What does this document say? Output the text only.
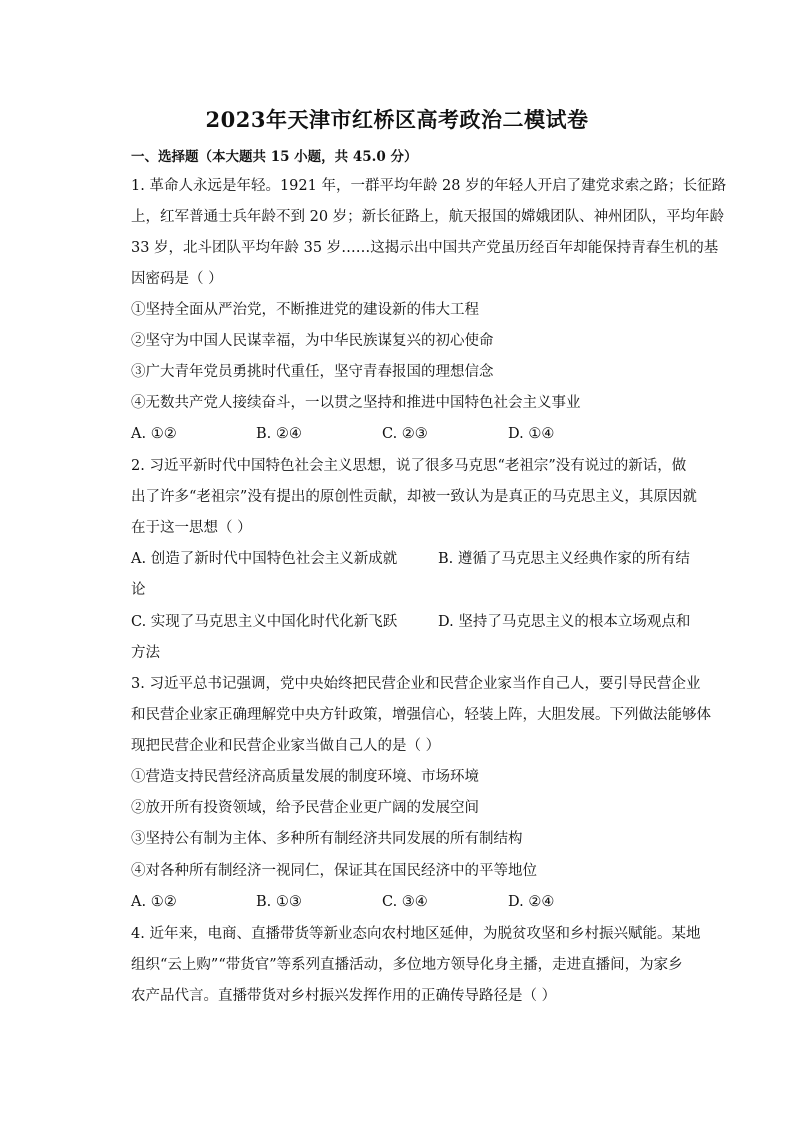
2023年天津市红桥区高考政治二模试卷
一、选择题（本大题共 15 小题，共 45.0 分）
1. 革命人永远是年轻。1921 年，一群平均年龄 28 岁的年轻人开启了建党求索之路；长征路
上，红军普通士兵年龄不到 20 岁；新长征路上，航天报国的嫦娥团队、神州团队，平均年龄
33 岁，北斗团队平均年龄 35 岁……这揭示出中国共产党虽历经百年却能保持青春生机的基
因密码是（ ）
①坚持全面从严治党，不断推进党的建设新的伟大工程
②坚守为中国人民谋幸福，为中华民族谋复兴的初心使命
③广大青年党员勇挑时代重任，坚守青春报国的理想信念
④无数共产党人接续奋斗，一以贯之坚持和推进中国特色社会主义事业
A. ①②	B. ②④	C. ②③	D. ①④
2. 习近平新时代中国特色社会主义思想，说了很多马克思“老祖宗”没有说过的新话，做
出了许多“老祖宗”没有提出的原创性贡献，却被一致认为是真正的马克思主义，其原因就
在于这一思想（ ）
A. 创造了新时代中国特色社会主义新成就	B. 遵循了马克思主义经典作家的所有结
论
C. 实现了马克思主义中国化时代化新飞跃	D. 坚持了马克思主义的根本立场观点和
方法
3. 习近平总书记强调，党中央始终把民营企业和民营企业家当作自己人，要引导民营企业
和民营企业家正确理解党中央方针政策，增强信心，轻装上阵，大胆发展。下列做法能够体
现把民营企业和民营企业家当做自己人的是（ ）
①营造支持民营经济高质量发展的制度环境、市场环境
②放开所有投资领域，给予民营企业更广阔的发展空间
③坚持公有制为主体、多种所有制经济共同发展的所有制结构
④对各种所有制经济一视同仁，保证其在国民经济中的平等地位
A. ①②	B. ①③	C. ③④	D. ②④
4. 近年来，电商、直播带货等新业态向农村地区延伸，为脱贫攻坚和乡村振兴赋能。某地
组织“云上购”“带货官”等系列直播活动，多位地方领导化身主播，走进直播间，为家乡
农产品代言。直播带货对乡村振兴发挥作用的正确传导路径是（ ）
